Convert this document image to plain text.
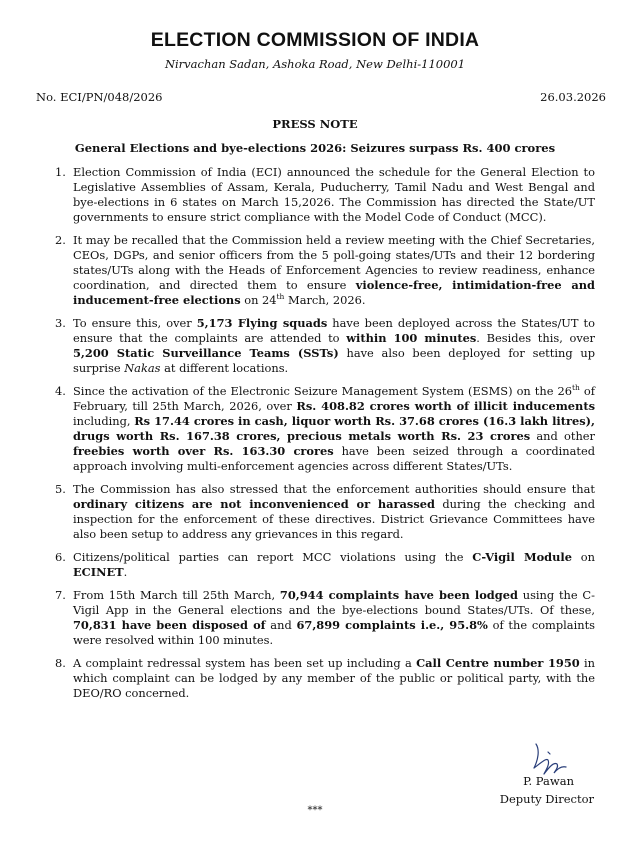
ELECTION COMMISSION OF INDIA
Nirvachan Sadan, Ashoka Road, New Delhi-110001
No. ECI/PN/048/2026	26.03.2026
PRESS NOTE
General Elections and bye-elections 2026: Seizures surpass Rs. 400 crores
1. Election Commission of India (ECI) announced the schedule for the General Election to Legislative Assemblies of Assam, Kerala, Puducherry, Tamil Nadu and West Bengal and bye-elections in 6 states on March 15,2026. The Commission has directed the State/UT governments to ensure strict compliance with the Model Code of Conduct (MCC).
2. It may be recalled that the Commission held a review meeting with the Chief Secretaries, CEOs, DGPs, and senior officers from the 5 poll-going states/UTs and their 12 bordering states/UTs along with the Heads of Enforcement Agencies to review readiness, enhance coordination, and directed them to ensure violence-free, intimidation-free and inducement-free elections on 24th March, 2026.
3. To ensure this, over 5,173 Flying squads have been deployed across the States/UT to ensure that the complaints are attended to within 100 minutes. Besides this, over 5,200 Static Surveillance Teams (SSTs) have also been deployed for setting up surprise Nakas at different locations.
4. Since the activation of the Electronic Seizure Management System (ESMS) on the 26th of February, till 25th March, 2026, over Rs. 408.82 crores worth of illicit inducements including, Rs 17.44 crores in cash, liquor worth Rs. 37.68 crores (16.3 lakh litres), drugs worth Rs. 167.38 crores, precious metals worth Rs. 23 crores and other freebies worth over Rs. 163.30 crores have been seized through a coordinated approach involving multi-enforcement agencies across different States/UTs.
5. The Commission has also stressed that the enforcement authorities should ensure that ordinary citizens are not inconvenienced or harassed during the checking and inspection for the enforcement of these directives. District Grievance Committees have also been setup to address any grievances in this regard.
6. Citizens/political parties can report MCC violations using the C-Vigil Module on ECINET.
7. From 15th March till 25th March, 70,944 complaints have been lodged using the C-Vigil App in the General elections and the bye-elections bound States/UTs. Of these, 70,831 have been disposed of and 67,899 complaints i.e., 95.8% of the complaints were resolved within 100 minutes.
8. A complaint redressal system has been set up including a Call Centre number 1950 in which complaint can be lodged by any member of the public or political party, with the DEO/RO concerned.
P. Pawan
Deputy Director
***
